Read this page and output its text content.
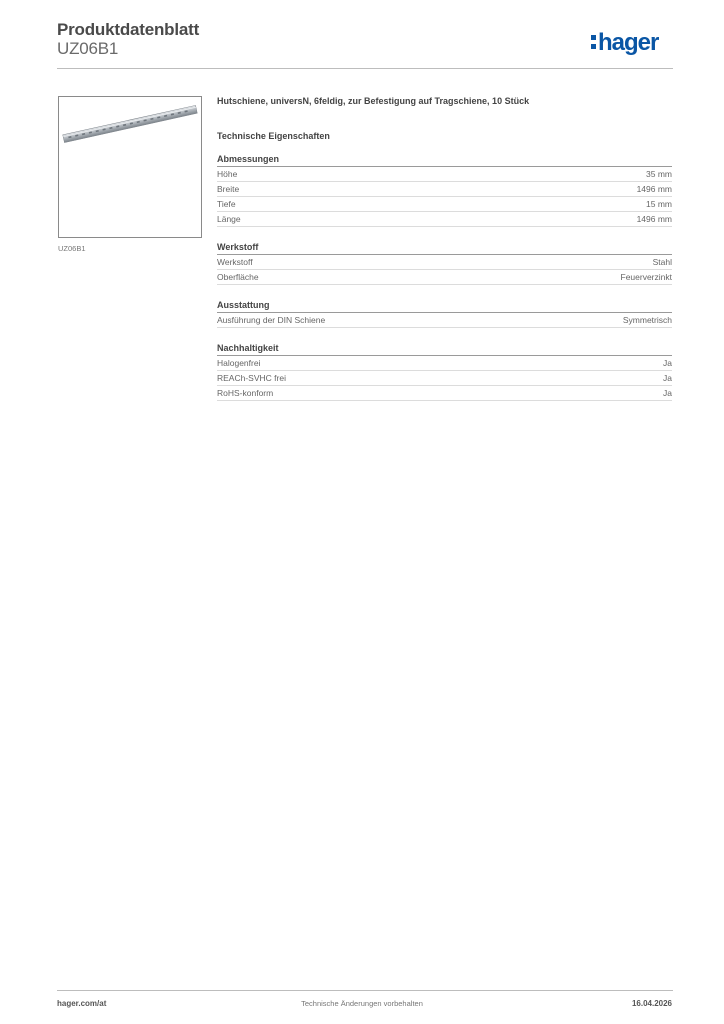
Produktdatenblatt
UZ06B1	hager
UZ06B1

Hutschiene, universN, 6feldig, zur Befestigung auf Tragschiene, 10 Stück

Technische Eigenschaften
Abmessungen
Höhe	35 mm
Breite	1496 mm
Tiefe	15 mm
Länge	1496 mm
Werkstoff
Werkstoff	Stahl
Oberfläche	Feuerverzinkt
Ausstattung
Ausführung der DIN Schiene	Symmetrisch
Nachhaltigkeit
Halogenfrei	Ja
REACh-SVHC frei	Ja
RoHS-konform	Ja
hager.com/at	Technische Änderungen vorbehalten	16.04.2026
